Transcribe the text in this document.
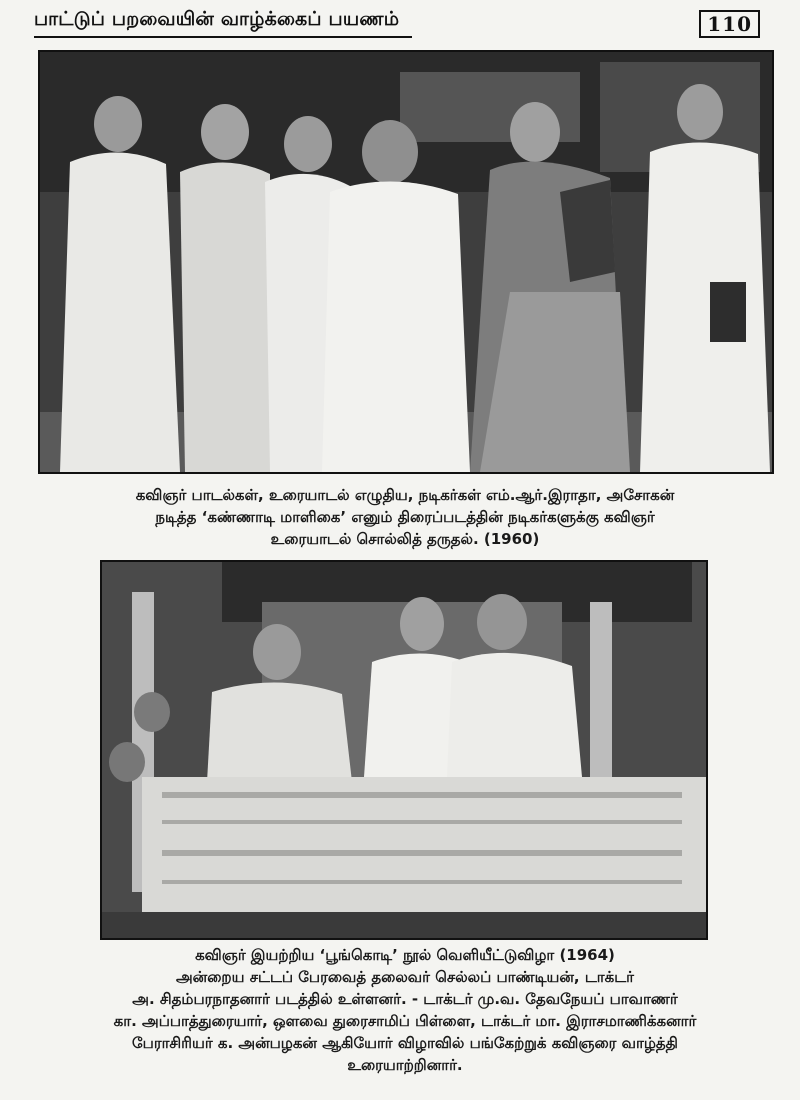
பாட்டுப் பறவையின் வாழ்க்கைப் பயணம்	110
கவிஞர் பாடல்கள், உரையாடல் எழுதிய, நடிகர்கள் எம்.ஆர்.இராதா, அசோகன்
நடித்த ‘கண்ணாடி மாளிகை’ எனும் திரைப்படத்தின் நடிகர்களுக்கு கவிஞர்
உரையாடல் சொல்லித் தருதல். (1960)
கவிஞர் இயற்றிய ‘பூங்கொடி’ நூல் வெளியீட்டுவிழா (1964)
அன்றைய சட்டப் பேரவைத் தலைவர் செல்லப் பாண்டியன், டாக்டர்
அ. சிதம்பரநாதனார் படத்தில் உள்ளனர். - டாக்டர் மு.வ. தேவநேயப் பாவாணர்
கா. அப்பாத்துரையார், ஒளவை துரைசாமிப் பிள்ளை, டாக்டர் மா. இராசமாணிக்கனார்
பேராசிரியர் க. அன்பழகன் ஆகியோர் விழாவில் பங்கேற்றுக் கவிஞரை வாழ்த்தி
உரையாற்றினார்.
